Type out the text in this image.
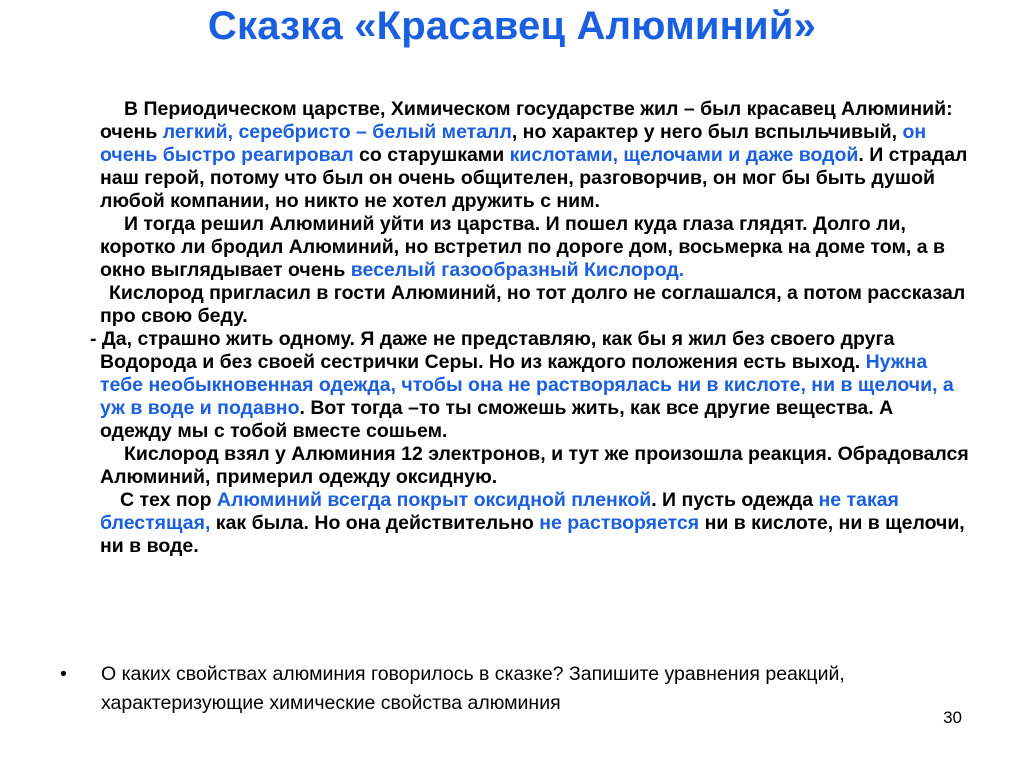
Сказка «Красавец Алюминий»

В Периодическом царстве, Химическом государстве жил – был красавец Алюминий: очень легкий, серебристо – белый металл, но характер у него был вспыльчивый, он очень быстро реагировал со старушками кислотами, щелочами и даже водой. И страдал наш герой, потому что был он очень общителен, разговорчив, он мог бы быть душой любой компании, но никто не хотел дружить с ним.

И тогда решил Алюминий уйти из царства. И пошел куда глаза глядят. Долго ли, коротко ли бродил Алюминий, но встретил по дороге дом, восьмерка на доме том, а в окно выглядывает очень веселый газообразный Кислород.

Кислород пригласил в гости Алюминий, но тот долго не соглашался, а потом рассказал про свою беду.

- Да, страшно жить одному. Я даже не представляю, как бы я жил без своего друга Водорода и без своей сестрички Серы. Но из каждого положения есть выход. Нужна тебе необыкновенная одежда, чтобы она не растворялась ни в кислоте, ни в щелочи, а уж в воде и подавно. Вот тогда –то ты сможешь жить, как все другие вещества. А одежду мы с тобой вместе сошьем.

Кислород взял у Алюминия 12 электронов, и тут же произошла реакция. Обрадовался Алюминий, примерил одежду оксидную.

С тех пор Алюминий всегда покрыт оксидной пленкой. И пусть одежда не такая блестящая, как была. Но она действительно не растворяется ни в кислоте, ни в щелочи, ни в воде.

• О каких свойствах алюминия говорилось в сказке? Запишите уравнения реакций, характеризующие химические свойства алюминия
30
